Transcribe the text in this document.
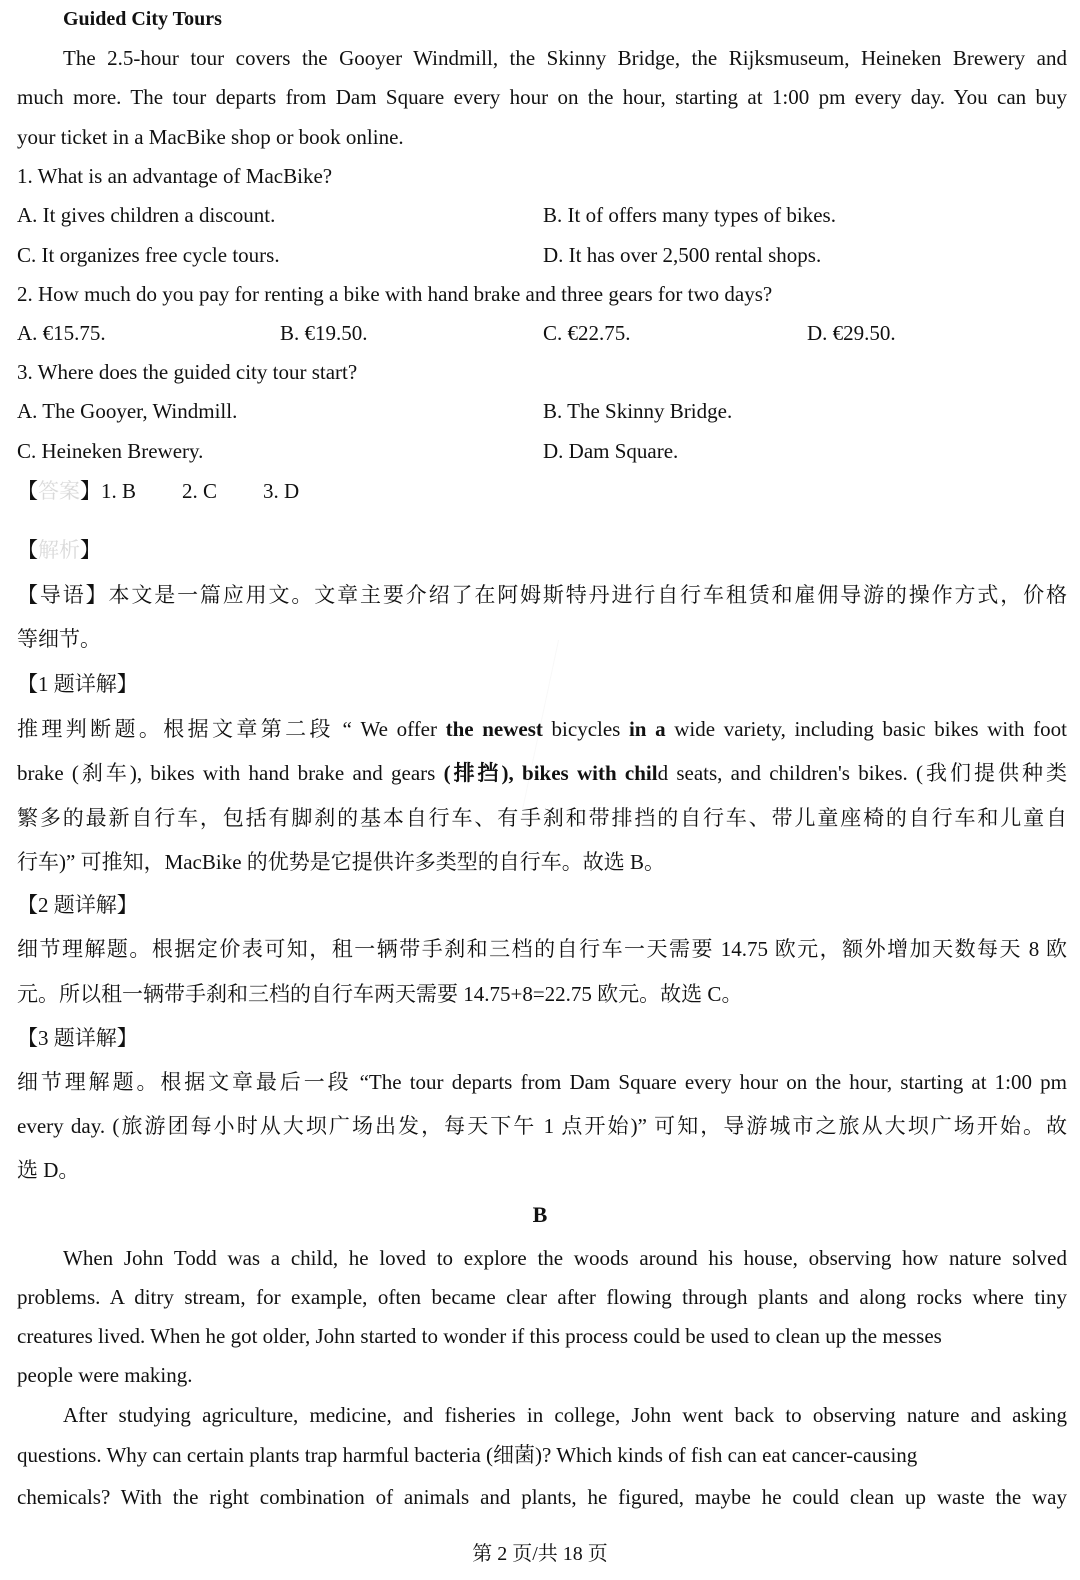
Guided City Tours
The 2.5-hour tour covers the Gooyer Windmill, the Skinny Bridge, the Rijksmuseum, Heineken Brewery and
much more. The tour departs from Dam Square every hour on the hour, starting at 1:00 pm every day. You can buy
your ticket in a MacBike shop or book online.
1. What is an advantage of MacBike?
A. It gives children a discount.	B. It of offers many types of bikes.
C. It organizes free cycle tours.	D. It has over 2,500 rental shops.
2. How much do you pay for renting a bike with hand brake and three gears for two days?
A. €15.75.	B. €19.50.	C. €22.75.	D. €29.50.
3. Where does the guided city tour start?
A. The Gooyer, Windmill.	B. The Skinny Bridge.
C. Heineken Brewery.	D. Dam Square.
【答案】1. B 2. C 3. D
【解析】
【导语】本文是一篇应用文。文章主要介绍了在阿姆斯特丹进行自行车租赁和雇佣导游的操作方式，价格
等细节。
【1 题详解】
推理判断题。根据文章第二段 “ We offer the newest bicycles in a wide variety, including basic bikes with foot
brake (刹车), bikes with hand brake and gears (排挡), bikes with child seats, and children's bikes. (我们提供种类
繁多的最新自行车，包括有脚刹的基本自行车、有手刹和带排挡的自行车、带儿童座椅的自行车和儿童自
行车)” 可推知，MacBike 的优势是它提供许多类型的自行车。故选 B。
【2 题详解】
细节理解题。根据定价表可知，租一辆带手刹和三档的自行车一天需要 14.75 欧元，额外增加天数每天 8 欧
元。所以租一辆带手刹和三档的自行车两天需要 14.75+8=22.75 欧元。故选 C。
【3 题详解】
细节理解题。根据文章最后一段 “The tour departs from Dam Square every hour on the hour, starting at 1:00 pm
every day. (旅游团每小时从大坝广场出发，每天下午 1 点开始)” 可知，导游城市之旅从大坝广场开始。故
选 D。
B
When John Todd was a child, he loved to explore the woods around his house, observing how nature solved
problems. A ditry stream, for example, often became clear after flowing through plants and along rocks where tiny
creatures lived. When he got older, John started to wonder if this process could be used to clean up the messes
people were making.
After studying agriculture, medicine, and fisheries in college, John went back to observing nature and asking
questions. Why can certain plants trap harmful bacteria (细菌)? Which kinds of fish can eat cancer-causing
chemicals? With the right combination of animals and plants, he figured, maybe he could clean up waste the way
第 2 页/共 18 页
